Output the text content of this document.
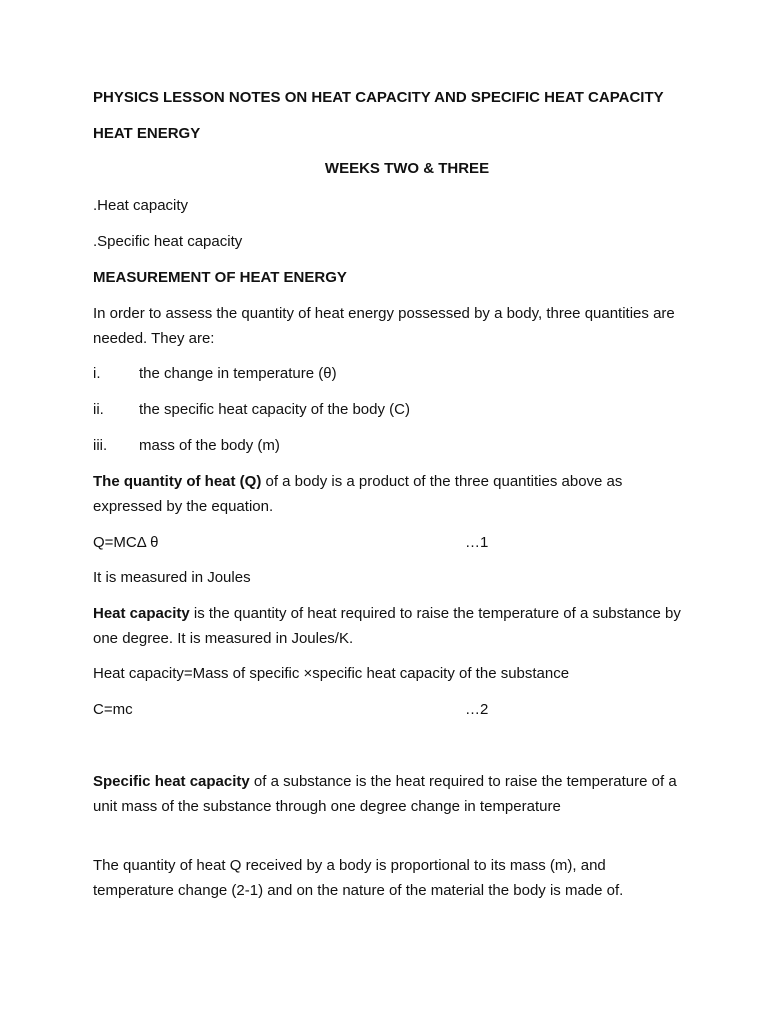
PHYSICS LESSON NOTES ON HEAT CAPACITY AND SPECIFIC HEAT CAPACITY
HEAT ENERGY
WEEKS TWO & THREE
.Heat capacity
.Specific heat capacity
MEASUREMENT OF HEAT ENERGY
In order to assess the quantity of heat energy possessed by a body, three quantities are needed. They are:
i.	the change in temperature (θ)
ii. the specific heat capacity of the body (C)
iii. mass of the body (m)
The quantity of heat (Q) of a body is a product of the three quantities above as expressed by the equation.
Q=MCΔ θ	…1
It is measured in Joules
Heat capacity is the quantity of heat required to raise the temperature of a substance by one degree. It is measured in Joules/K.
Heat capacity=Mass of specific ×specific heat capacity of the substance
C=mc	…2
Specific heat capacity of a substance is the heat required to raise the temperature of a unit mass of the substance through one degree change in temperature
The quantity of heat Q received by a body is proportional to its mass (m), and temperature change (2-1) and on the nature of the material the body is made of.
